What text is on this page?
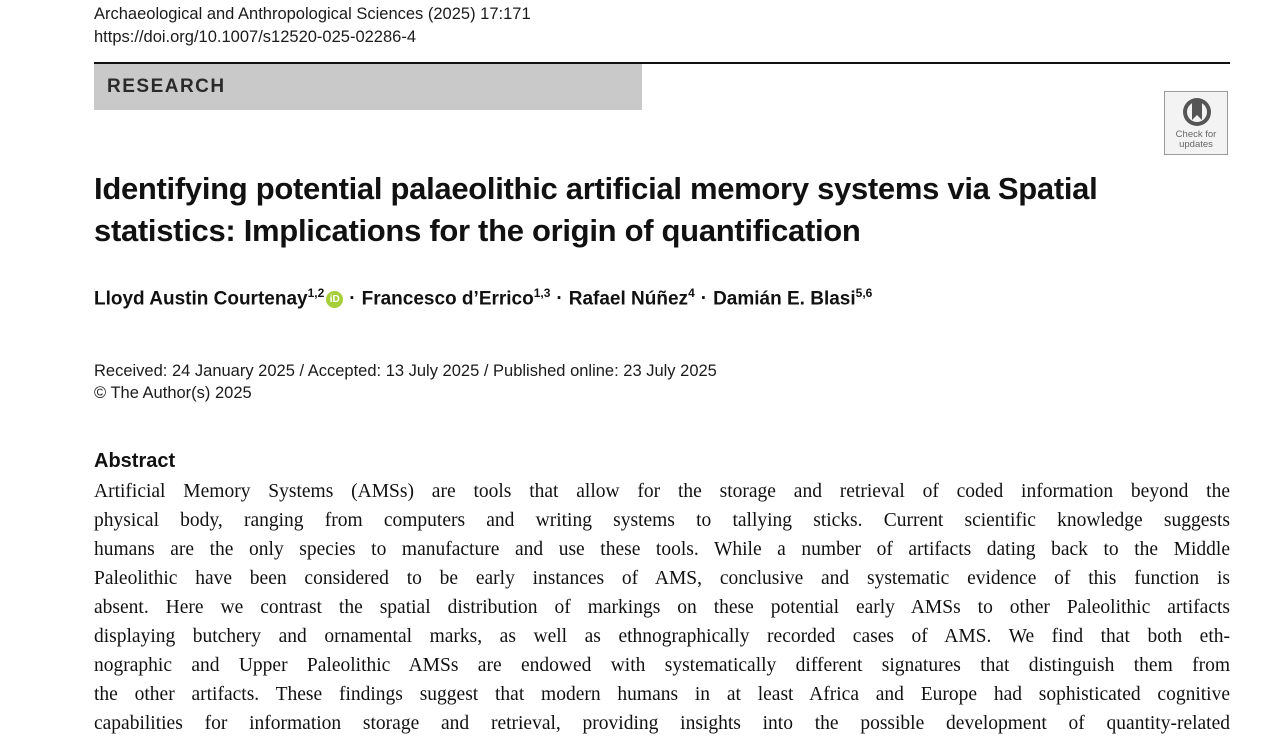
Archaeological and Anthropological Sciences (2025) 17:171
https://doi.org/10.1007/s12520-025-02286-4
RESEARCH
Check for updates
Identifying potential palaeolithic artificial memory systems via Spatial statistics: Implications for the origin of quantification
Lloyd Austin Courtenay$^{1,2}$ iD · Francesco d’Errico$^{1,3}$ · Rafael Núñez$^4$ · Damián E. Blasi$^{5,6}$
Received: 24 January 2025 / Accepted: 13 July 2025 / Published online: 23 July 2025
© The Author(s) 2025
Abstract
Artificial Memory Systems (AMSs) are tools that allow for the storage and retrieval of coded information beyond the
physical body, ranging from computers and writing systems to tallying sticks. Current scientific knowledge suggests
humans are the only species to manufacture and use these tools. While a number of artifacts dating back to the Middle
Paleolithic have been considered to be early instances of AMS, conclusive and systematic evidence of this function is
absent. Here we contrast the spatial distribution of markings on these potential early AMSs to other Paleolithic artifacts
displaying butchery and ornamental marks, as well as ethnographically recorded cases of AMS. We find that both eth-
nographic and Upper Paleolithic AMSs are endowed with systematically different signatures that distinguish them from
the other artifacts. These findings suggest that modern humans in at least Africa and Europe had sophisticated cognitive
capabilities for information storage and retrieval, providing insights into the possible development of quantity-related
